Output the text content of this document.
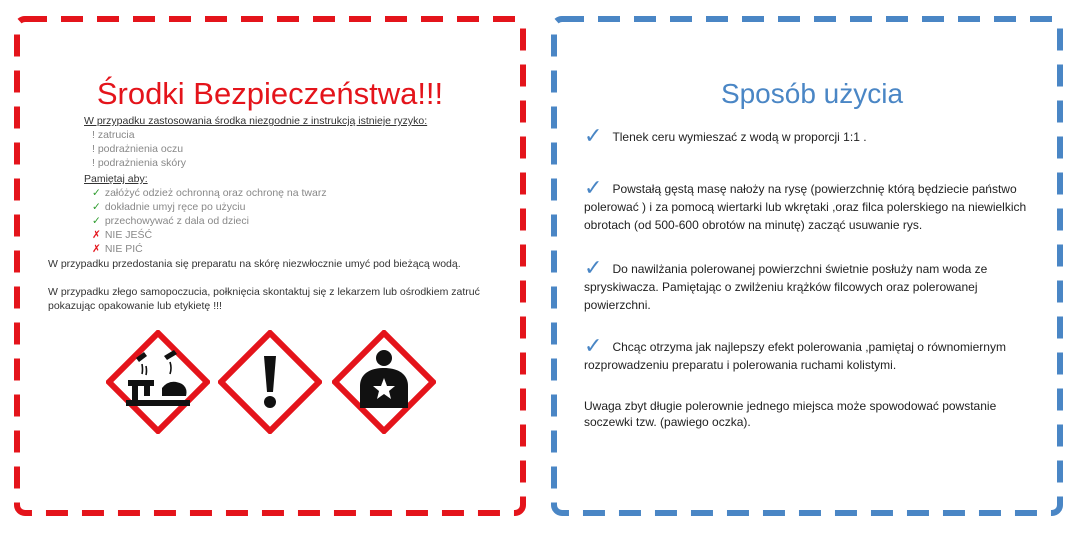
Środki Bezpieczeństwa!!!
W przypadku zastosowania środka niezgodnie z instrukcją istnieje ryzyko:
! zatrucia
! podrażnienia oczu
! podrażnienia skóry
Pamiętaj aby:
✓ załóżyć odzież ochronną oraz ochronę na twarz
✓ dokładnie umyj ręce po użyciu
✓ przechowywać z dala od dzieci
✗ NIE JEŚĆ
✗ NIE PIĆ
W przypadku przedostania się preparatu na skórę niezwłocznie umyć pod bieżącą wodą.
W przypadku złego samopoczucia, połknięcia skontaktuj się z lekarzem lub ośrodkiem zatruć pokazując opakowanie lub etykietę !!!
Sposób użycia
✓ Tlenek ceru wymieszać z wodą w proporcji 1:1 .
✓ Powstałą gęstą masę nałoży na rysę (powierzchnię którą będziecie państwo polerować ) i za pomocą wiertarki lub wkrętaki ,oraz filca polerskiego na niewielkich obrotach (od 500-600 obrotów na minutę) zacząć usuwanie rys.
✓ Do nawilżania polerowanej powierzchni świetnie posłuży nam woda ze spryskiwacza. Pamiętając o zwilżeniu krążków filcowych oraz polerowanej powierzchni.
✓ Chcąc otrzyma jak najlepszy efekt polerowania ,pamiętaj o równomiernym rozprowadzeniu preparatu i polerowania ruchami kolistymi.
Uwaga zbyt długie polerownie jednego miejsca może spowodować powstanie soczewki tzw. (pawiego oczka).
